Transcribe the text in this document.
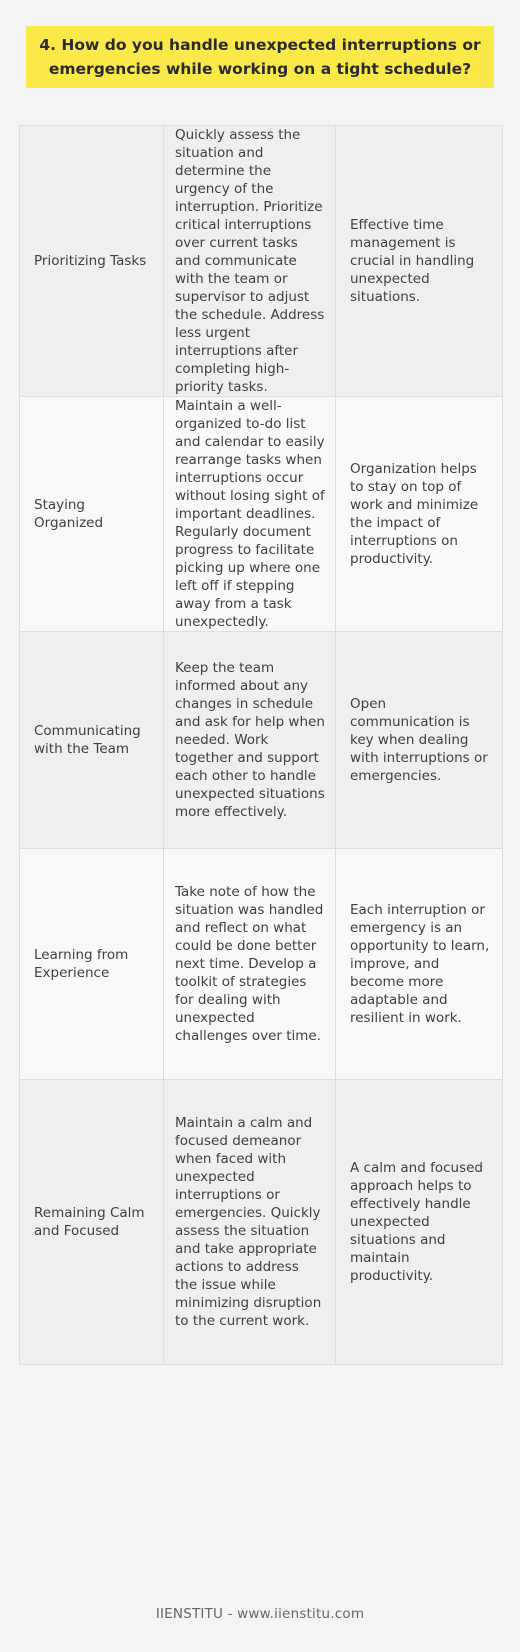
4. How do you handle unexpected interruptions or emergencies while working on a tight schedule?
Prioritizing Tasks	Quickly assess the situation and determine the urgency of the interruption. Prioritize critical interruptions over current tasks and communicate with the team or supervisor to adjust the schedule. Address less urgent interruptions after completing high-priority tasks.	Effective time management is crucial in handling unexpected situations.
Staying Organized	Maintain a well-organized to-do list and calendar to easily rearrange tasks when interruptions occur without losing sight of important deadlines. Regularly document progress to facilitate picking up where one left off if stepping away from a task unexpectedly.	Organization helps to stay on top of work and minimize the impact of interruptions on productivity.
Communicating with the Team	Keep the team informed about any changes in schedule and ask for help when needed. Work together and support each other to handle unexpected situations more effectively.	Open communication is key when dealing with interruptions or emergencies.
Learning from Experience	Take note of how the situation was handled and reflect on what could be done better next time. Develop a toolkit of strategies for dealing with unexpected challenges over time.	Each interruption or emergency is an opportunity to learn, improve, and become more adaptable and resilient in work.
Remaining Calm and Focused	Maintain a calm and focused demeanor when faced with unexpected interruptions or emergencies. Quickly assess the situation and take appropriate actions to address the issue while minimizing disruption to the current work.	A calm and focused approach helps to effectively handle unexpected situations and maintain productivity.
IIENSTITU - www.iienstitu.com
